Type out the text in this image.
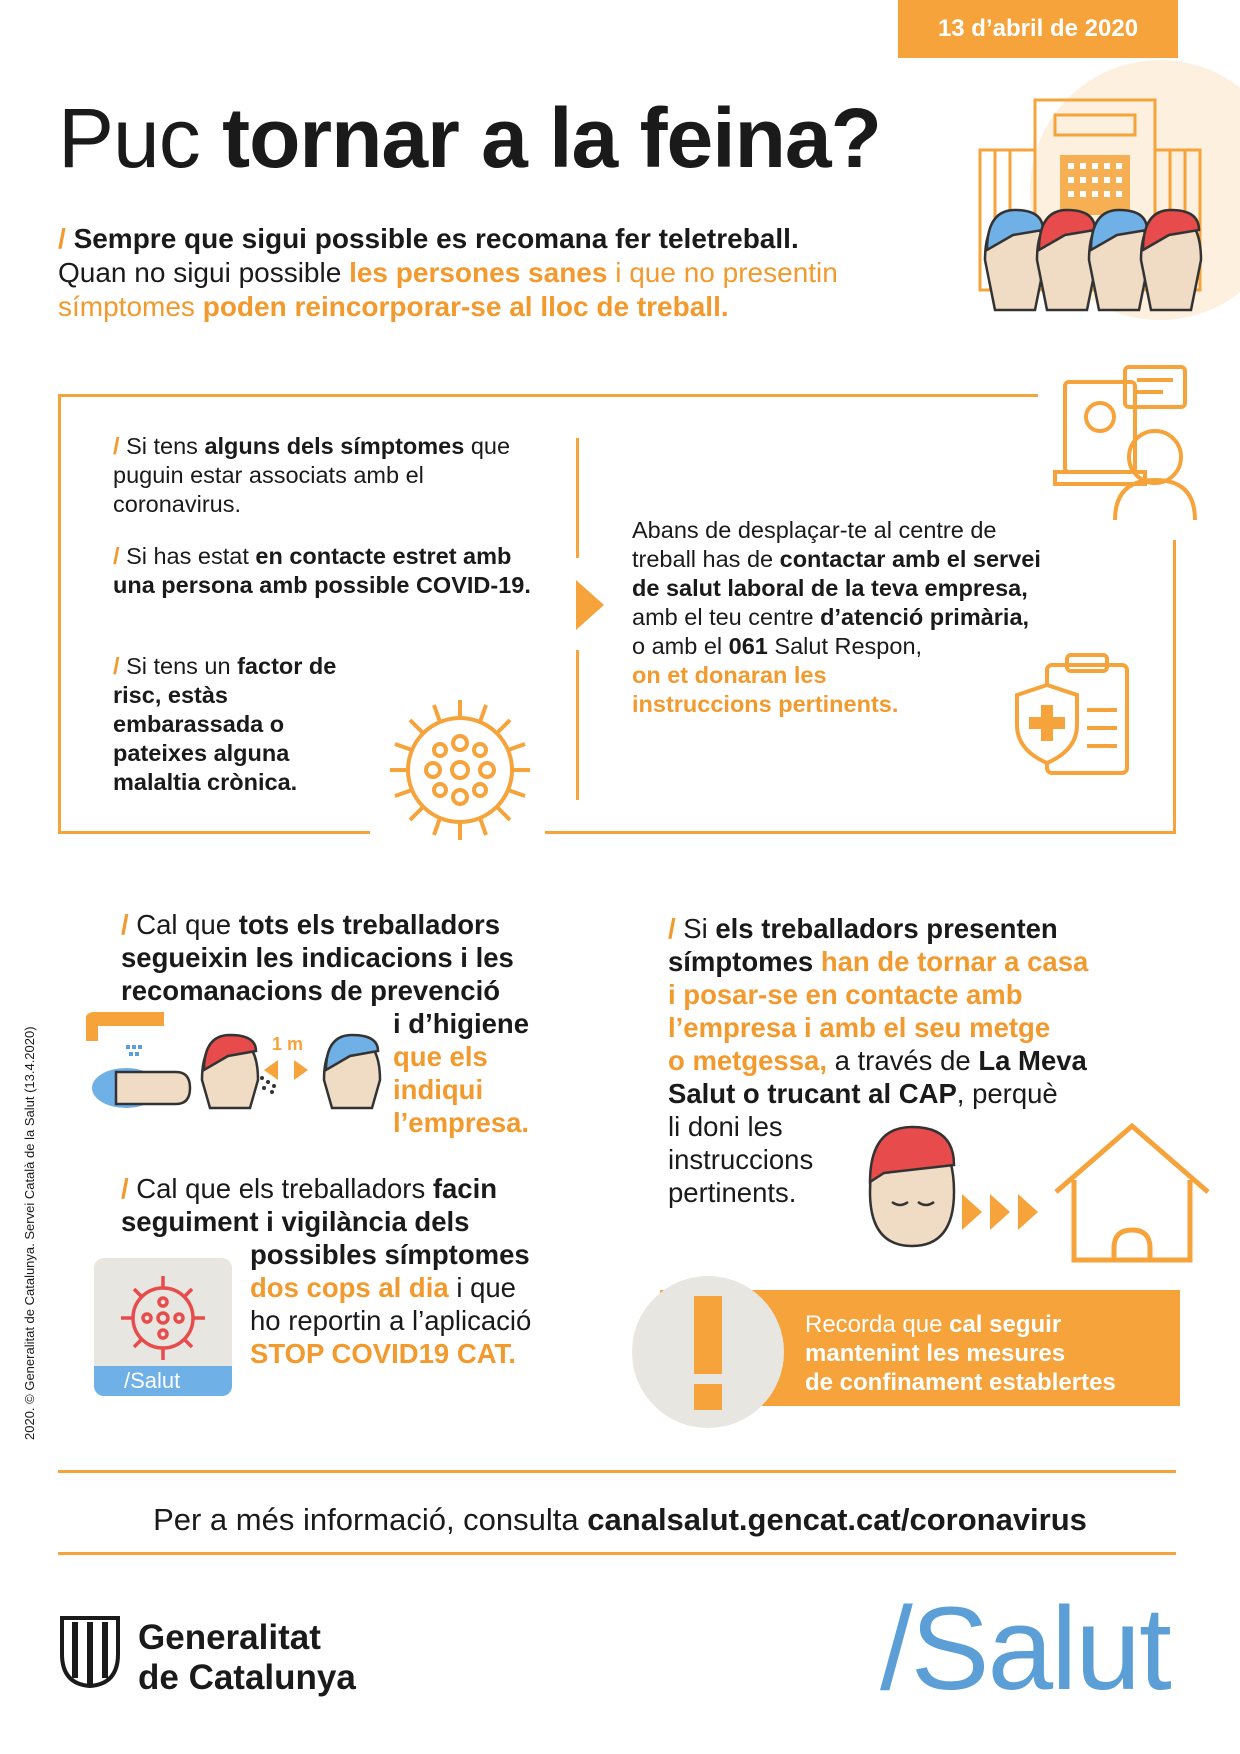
13 d’abril de 2020
Puc tornar a la feina?
/ Sempre que sigui possible es recomana fer teletreball.
Quan no sigui possible les persones sanes i que no presentin
símptomes poden reincorporar-se al lloc de treball.
/ Si tens alguns dels símptomes que puguin estar associats amb el coronavirus.
/ Si has estat en contacte estret amb una persona amb possible COVID-19.
/ Si tens un factor de risc, estàs embarassada o pateixes alguna malaltia crònica.
Abans de desplaçar-te al centre de
treball has de contactar amb el servei
de salut laboral de la teva empresa,
amb el teu centre d’atenció primària,
o amb el 061 Salut Respon,
on et donaran les
instruccions pertinents.
/ Cal que tots els treballadors
segueixin les indicacions i les
recomanacions de prevenció
i d’higiene
que els
indiqui
l’empresa.
1 m
/ Cal que els treballadors facin
seguiment i vigilància dels
possibles símptomes
dos cops al dia i que
ho reportin a l’aplicació
STOP COVID19 CAT.
/Salut
/ Si els treballadors presenten
símptomes han de tornar a casa
i posar-se en contacte amb
l’empresa i amb el seu metge
o metgessa, a través de La Meva
Salut o trucant al CAP, perquè
li doni les
instruccions
pertinents.
Recorda que cal seguir
mantenint les mesures
de confinament establertes
Per a més informació, consulta canalsalut.gencat.cat/coronavirus
Generalitat
de Catalunya	/Salut
2020. © Generalitat de Catalunya. Servei Català de la Salut (13.4.2020)
